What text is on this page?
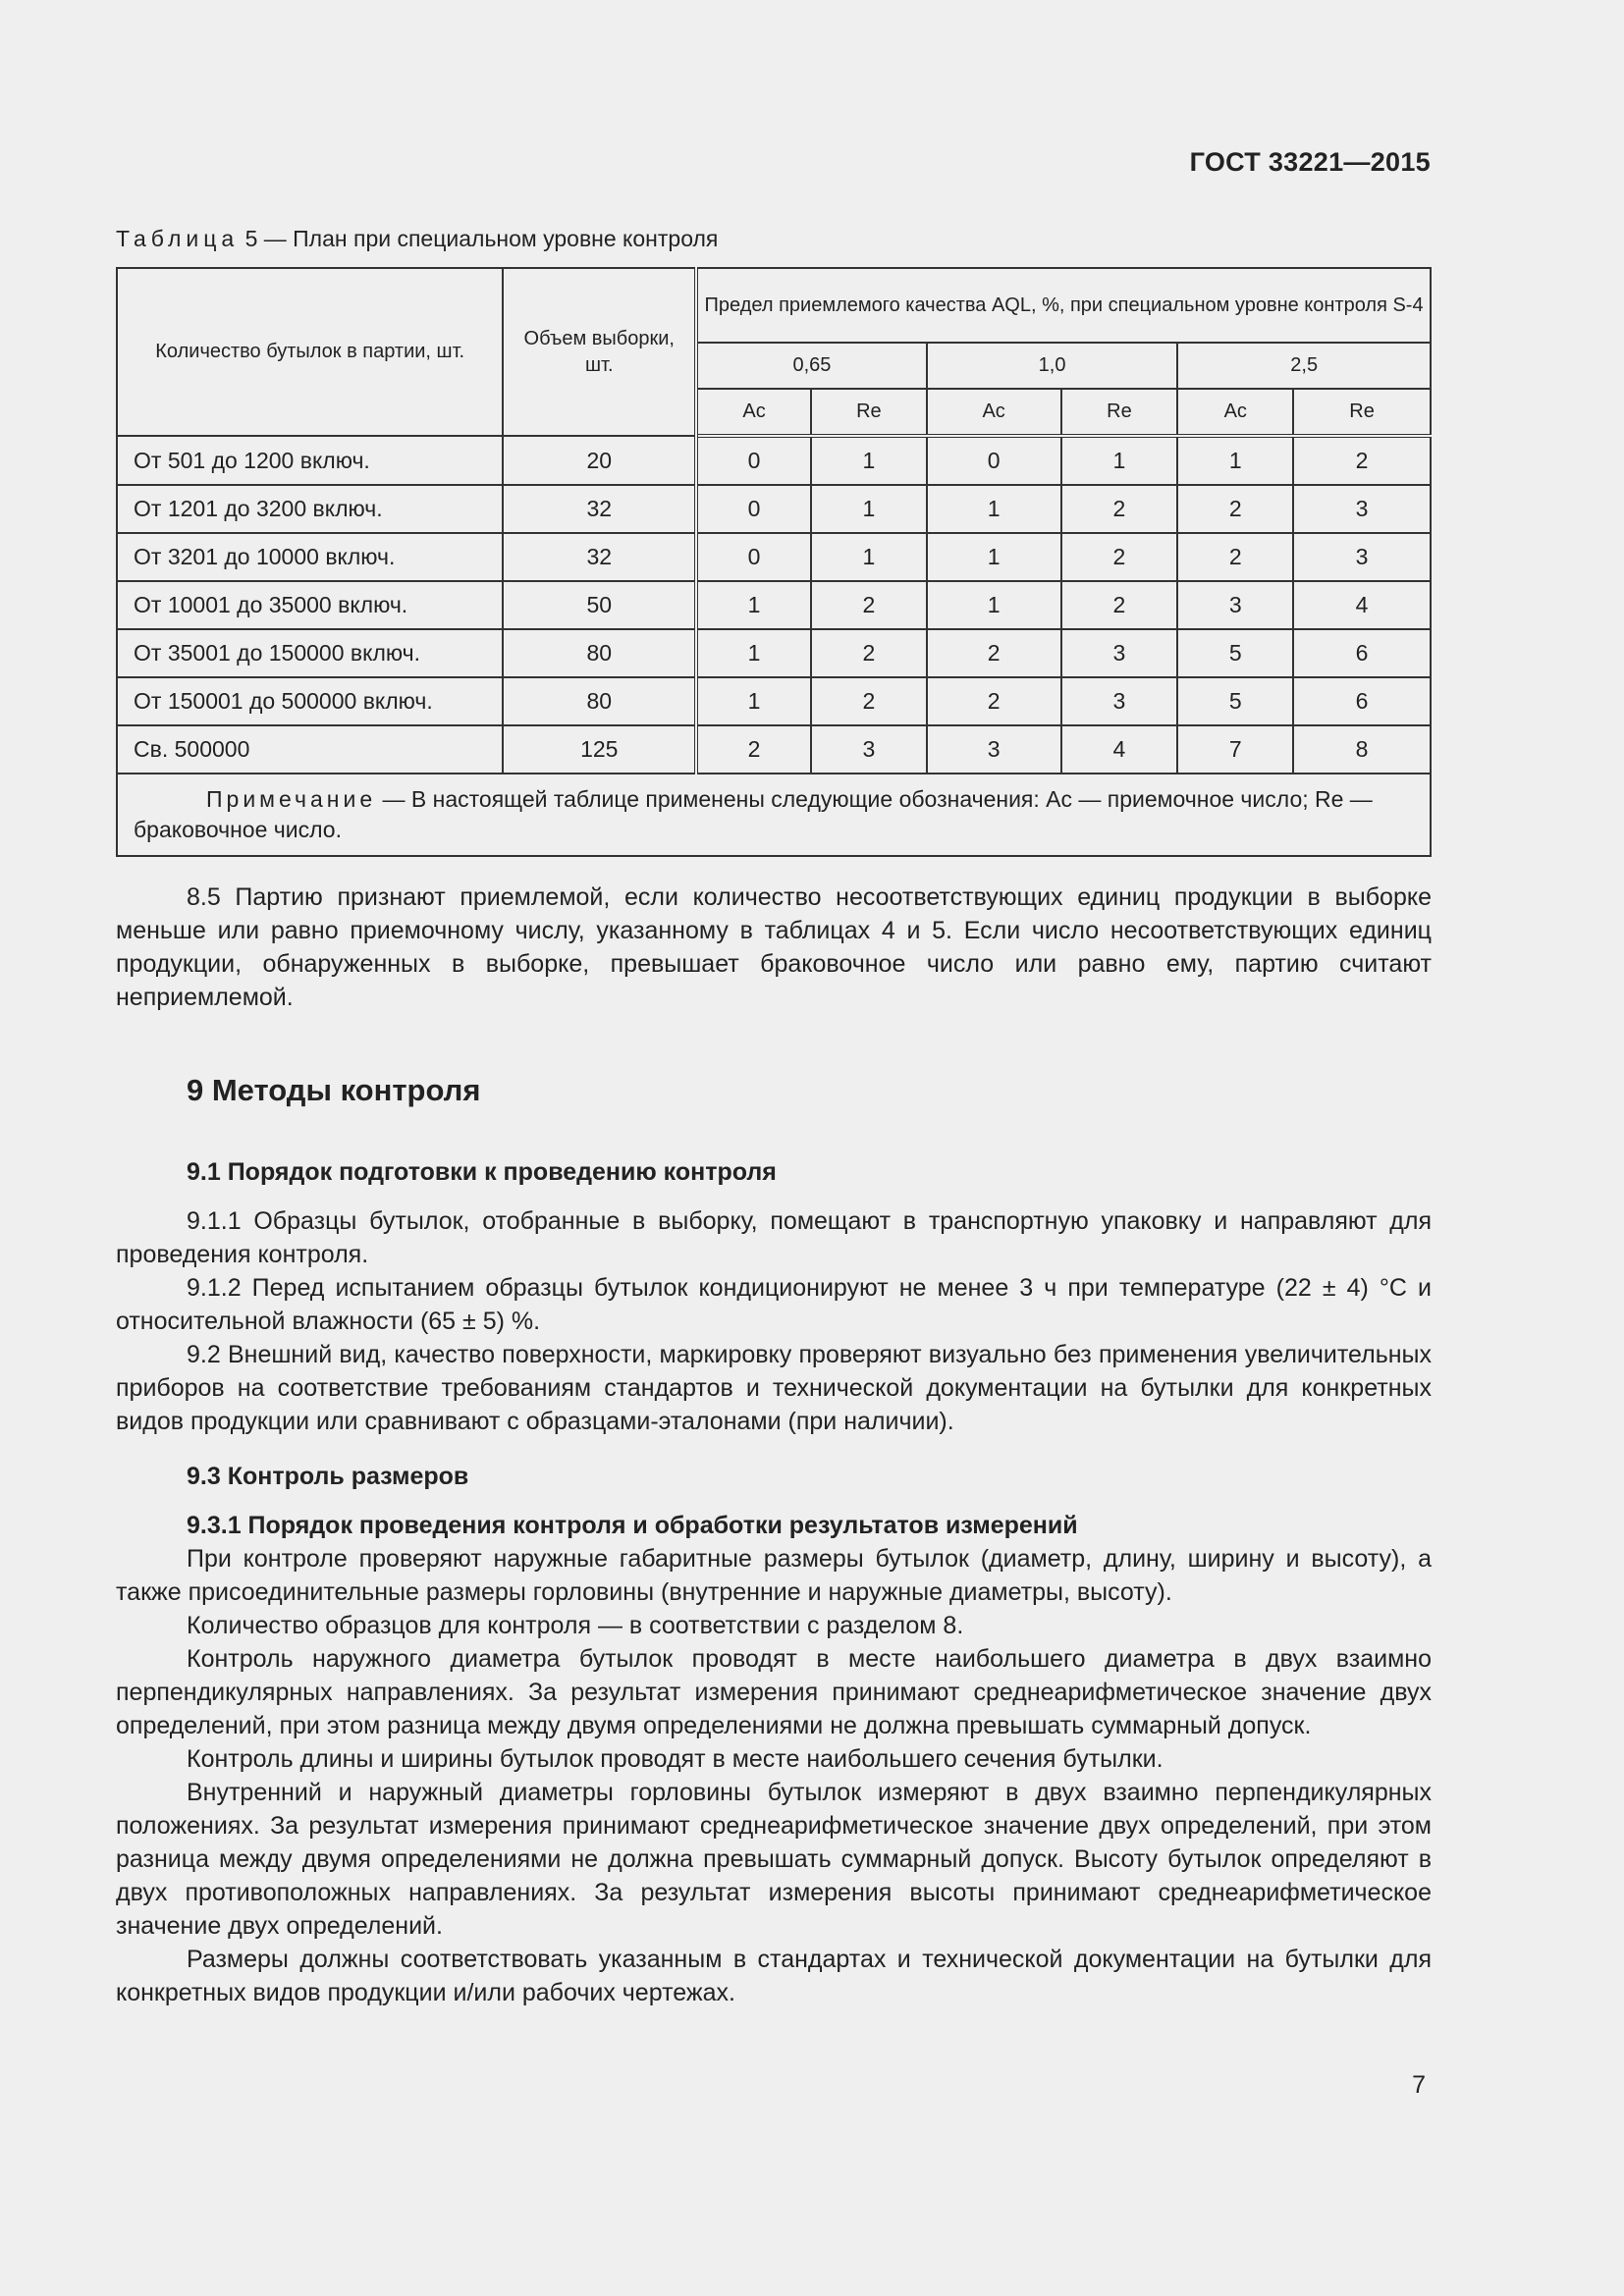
ГОСТ 33221—2015
Таблица 5 — План при специальном уровне контроля
Количество бутылок в партии, шт.	Объем выборки, шт.	Предел приемлемого качества AQL, %, при специальном уровне контроля S-4					
		0,65		1,0		2,5	
		Ac	Re	Ac	Re	Ac	Re
От 501 до 1200 включ.	20	0	1	0	1	1	2
От 1201 до 3200 включ.	32	0	1	1	2	2	3
От 3201 до 10000 включ.	32	0	1	1	2	2	3
От 10001 до 35000 включ.	50	1	2	1	2	3	4
От 35001 до 150000 включ.	80	1	2	2	3	5	6
От 150001 до 500000 включ.	80	1	2	2	3	5	6
Св. 500000	125	2	3	3	4	7	8
Примечание — В настоящей таблице применены следующие обозначения: Ac — приемочное число; Re — браковочное число.							

8.5 Партию признают приемлемой, если количество несоответствующих единиц продукции в выборке меньше или равно приемочному числу, указанному в таблицах 4 и 5. Если число несоответствующих единиц продукции, обнаруженных в выборке, превышает браковочное число или равно ему, партию считают неприемлемой.

9 Методы контроля
9.1 Порядок подготовки к проведению контроля

9.1.1 Образцы бутылок, отобранные в выборку, помещают в транспортную упаковку и направляют для проведения контроля.

9.1.2 Перед испытанием образцы бутылок кондиционируют не менее 3 ч при температуре (22 ± 4) °С и относительной влажности (65 ± 5) %.

9.2 Внешний вид, качество поверхности, маркировку проверяют визуально без применения увеличительных приборов на соответствие требованиям стандартов и технической документации на бутылки для конкретных видов продукции или сравнивают с образцами-эталонами (при наличии).

9.3 Контроль размеров
9.3.1 Порядок проведения контроля и обработки результатов измерений

При контроле проверяют наружные габаритные размеры бутылок (диаметр, длину, ширину и высоту), а также присоединительные размеры горловины (внутренние и наружные диаметры, высоту).

Количество образцов для контроля — в соответствии с разделом 8.

Контроль наружного диаметра бутылок проводят в месте наибольшего диаметра в двух взаимно перпендикулярных направлениях. За результат измерения принимают среднеарифметическое значение двух определений, при этом разница между двумя определениями не должна превышать суммарный допуск.

Контроль длины и ширины бутылок проводят в месте наибольшего сечения бутылки.

Внутренний и наружный диаметры горловины бутылок измеряют в двух взаимно перпендикулярных положениях. За результат измерения принимают среднеарифметическое значение двух определений, при этом разница между двумя определениями не должна превышать суммарный допуск. Высоту бутылок определяют в двух противоположных направлениях. За результат измерения высоты принимают среднеарифметическое значение двух определений.

Размеры должны соответствовать указанным в стандартах и технической документации на бутылки для конкретных видов продукции и/или рабочих чертежах.

7
